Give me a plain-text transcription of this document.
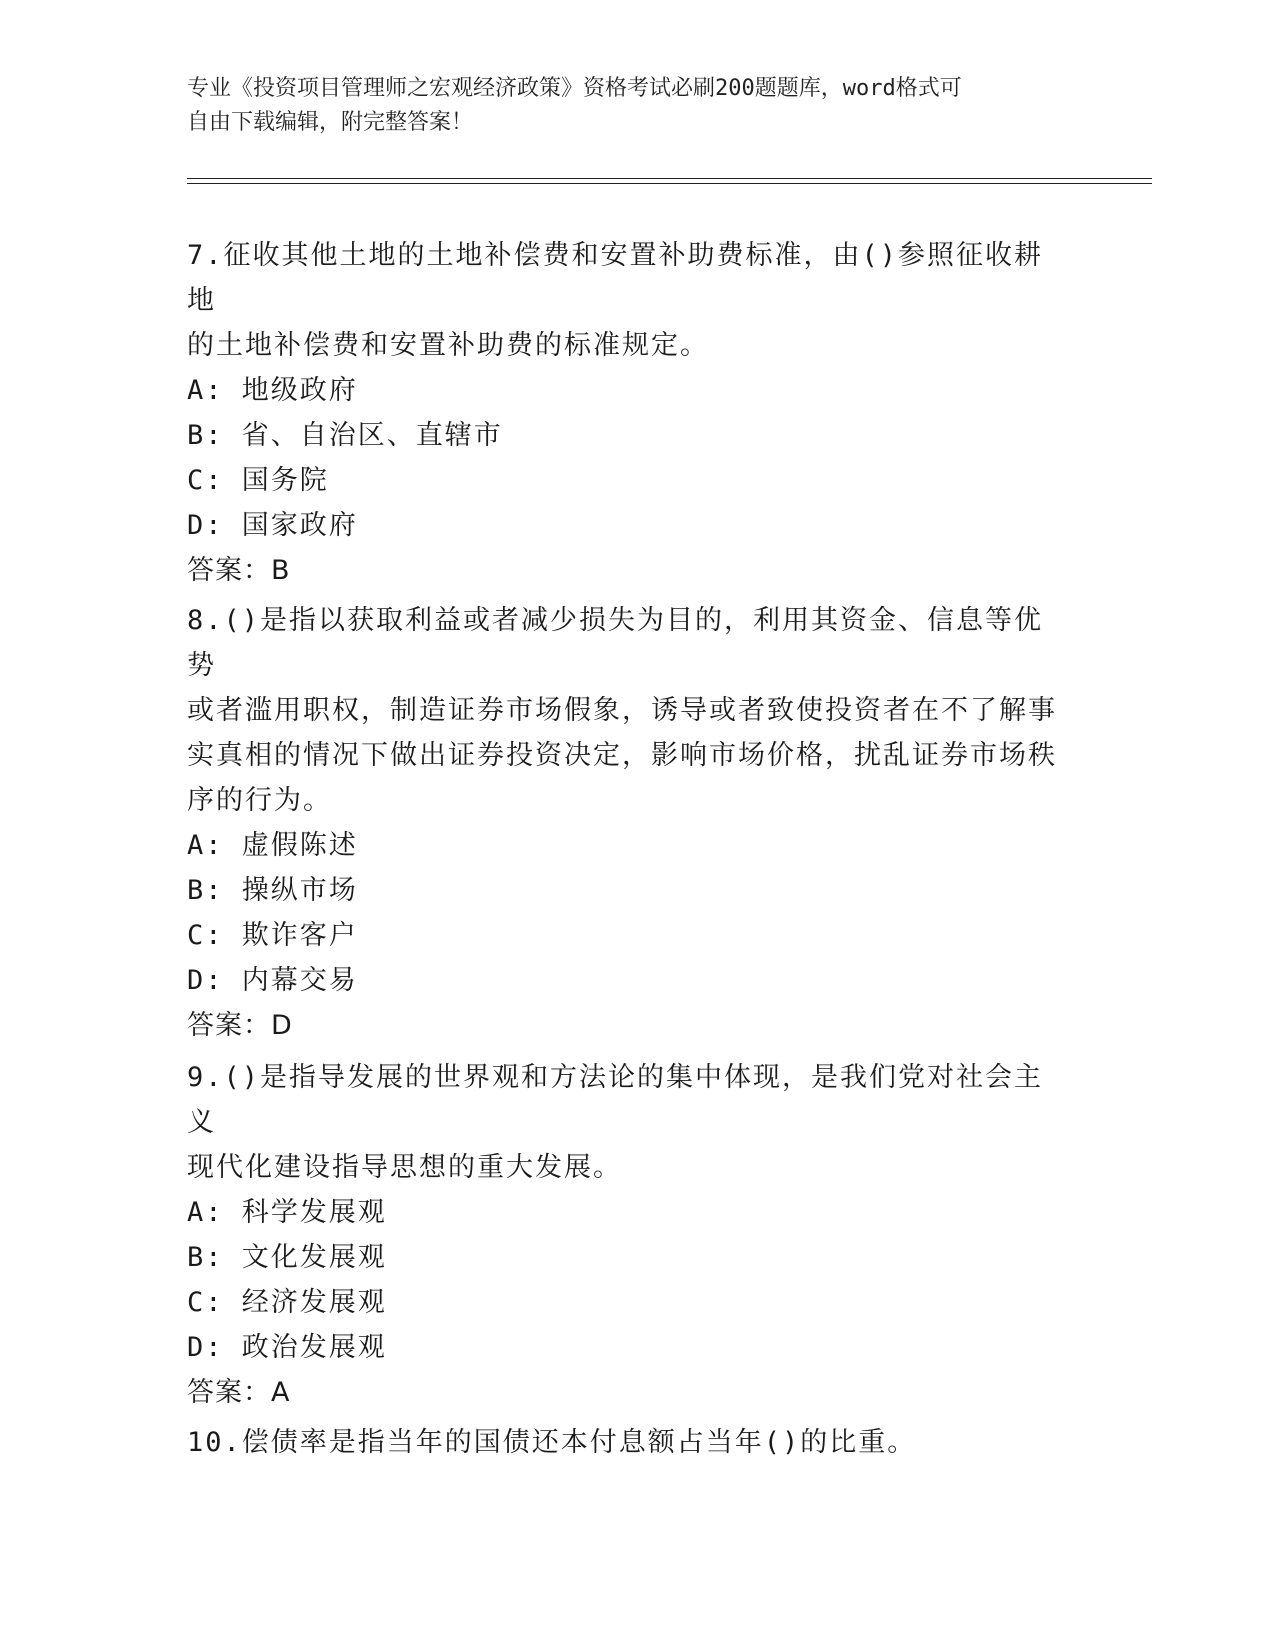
专业《投资项目管理师之宏观经济政策》资格考试必刷200题题库，word格式可
自由下载编辑，附完整答案！
7.征收其他土地的土地补偿费和安置补助费标准，由()参照征收耕地
的土地补偿费和安置补助费的标准规定。
A: 地级政府
B: 省、自治区、直辖市
C: 国务院
D: 国家政府
答案：B
8.()是指以获取利益或者减少损失为目的，利用其资金、信息等优势
或者滥用职权，制造证券市场假象，诱导或者致使投资者在不了解事
实真相的情况下做出证券投资决定，影响市场价格，扰乱证券市场秩
序的行为。
A: 虚假陈述
B: 操纵市场
C: 欺诈客户
D: 内幕交易
答案：D
9.()是指导发展的世界观和方法论的集中体现，是我们党对社会主义
现代化建设指导思想的重大发展。
A: 科学发展观
B: 文化发展观
C: 经济发展观
D: 政治发展观
答案：A
10.偿债率是指当年的国债还本付息额占当年()的比重。
